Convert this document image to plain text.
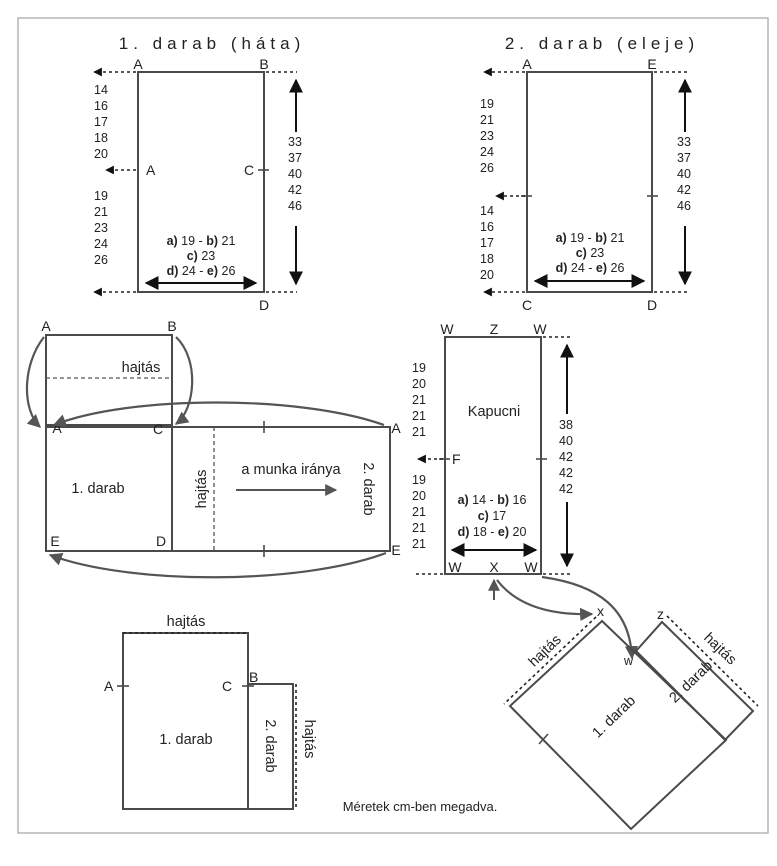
1. darab (háta)
A	B
A	C
D
14
16
17
18
20
19
21
23
24
26
33
37
40
42
46
a) 19 - b) 21
c) 23
d) 24 - e) 26
2. darab (eleje)
A	E
C	D
19
21
23
24
26
14
16
17
18
20
33
37
40
42
46
a) 19 - b) 21
c) 23
d) 24 - e) 26
hajtás
A	B
A	C	A
E	D
E
1. darab	hajtás a munka iránya 2. darab
W	Z	W
F
W X W
Kapucni
19
20
21
21
21
19
20
21
21
21
38
40
42
42
42
a) 14 - b) 16
c) 17
d) 18 - e) 20
hajtás
hajtás
A	C
B
1. darab	2. darab
hajtás	hajtás
x	z
w
1. darab
2. darab
Méretek cm-ben megadva.
